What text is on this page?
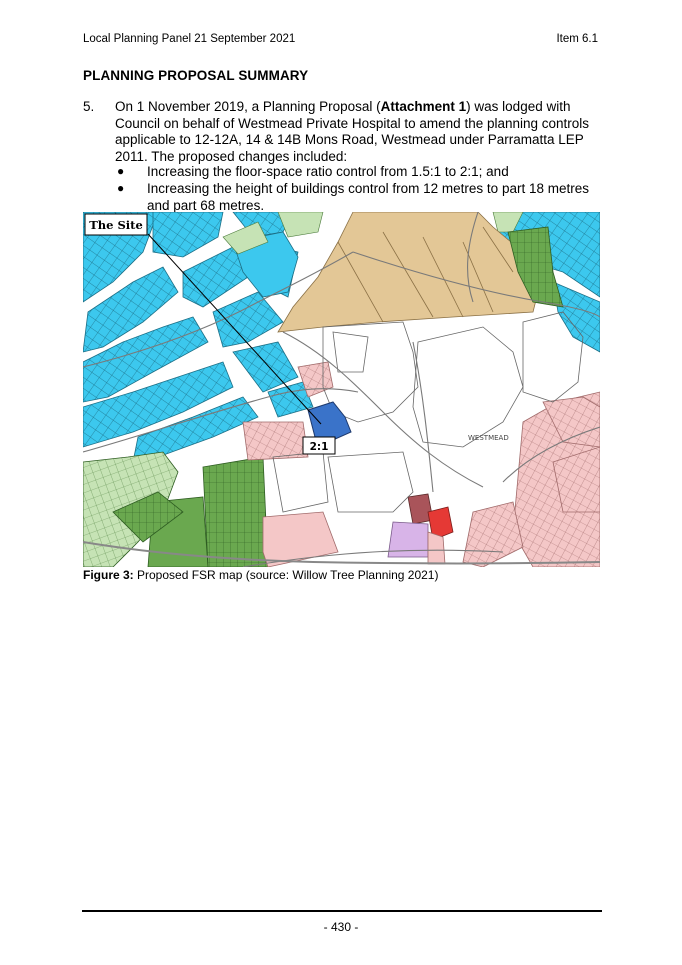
Local Planning Panel 21 September 2021	Item 6.1
PLANNING PROPOSAL SUMMARY
5. On 1 November 2019, a Planning Proposal (Attachment 1) was lodged with Council on behalf of Westmead Private Hospital to amend the planning controls applicable to 12-12A, 14 & 14B Mons Road, Westmead under Parramatta LEP 2011. The proposed changes included:
● Increasing the floor-space ratio control from 1.5:1 to 2:1; and
● Increasing the height of buildings control from 12 metres to part 18 metres and part 68 metres.
The Site
2:1
WESTMEAD
Figure 3: Proposed FSR map (source: Willow Tree Planning 2021)
- 430 -
